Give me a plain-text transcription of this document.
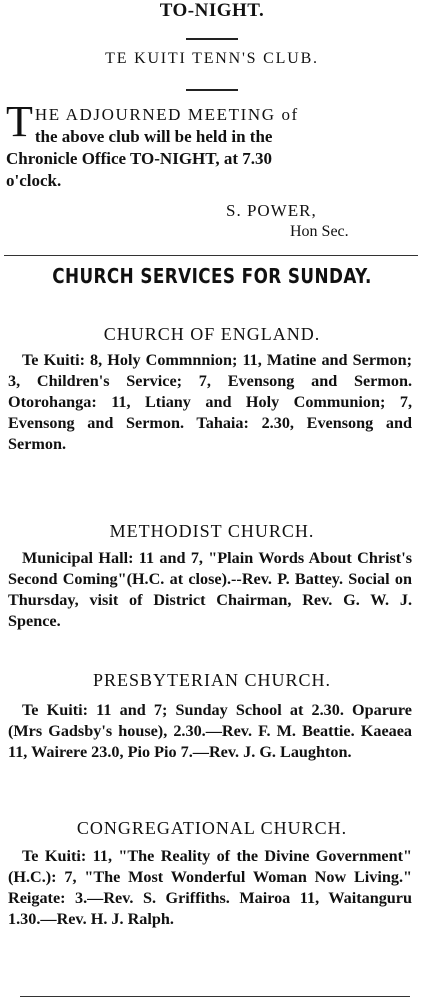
TO-NIGHT.
TE KUITI TENN'S CLUB.
T HE ADJOURNED MEETING of
the above club will be held in the
Chronicle Office TO-NIGHT, at 7.30
o'clock.
S. POWER,
Hon Sec.
CHURCH SERVICES FOR SUNDAY.
CHURCH OF ENGLAND.

Te Kuiti: 8, Holy Commnnion; 11, Matine and Sermon; 3, Children's Service; 7, Evensong and Sermon. Otorohanga: 11, Ltiany and Holy Communion; 7, Evensong and Sermon. Tahaia: 2.30, Evensong and Sermon.

METHODIST CHURCH.

Municipal Hall: 11 and 7, "Plain Words About Christ's Second Coming"(H.C. at close).--Rev. P. Battey. Social on Thursday, visit of District Chairman, Rev. G. W. J. Spence.

PRESBYTERIAN CHURCH.

Te Kuiti: 11 and 7; Sunday School at 2.30. Oparure (Mrs Gadsby's house), 2.30.—Rev. F. M. Beattie. Kaeaea 11, Wairere 23.0, Pio Pio 7.—Rev. J. G. Laughton.

CONGREGATIONAL CHURCH.

Te Kuiti: 11, "The Reality of the Divine Government" (H.C.): 7, "The Most Wonderful Woman Now Living." Reigate: 3.—Rev. S. Griffiths. Mairoa 11, Waitanguru 1.30.—Rev. H. J. Ralph.
